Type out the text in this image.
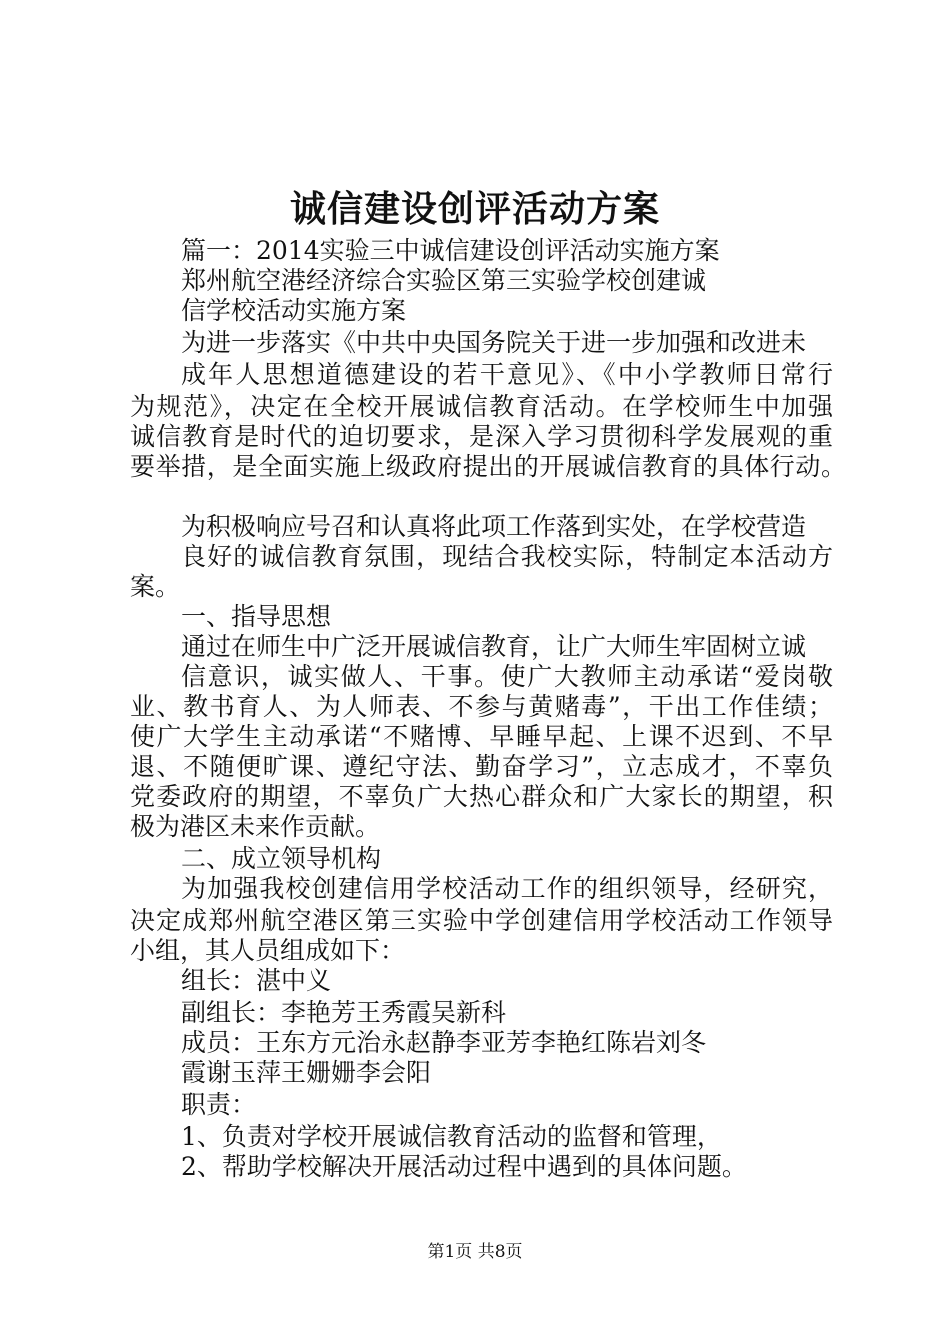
诚信建设创评活动方案
篇一：2014实验三中诚信建设创评活动实施方案
郑州航空港经济综合实验区第三实验学校创建诚
信学校活动实施方案
为进一步落实《中共中央国务院关于进一步加强和改进未
成年人思想道德建设的若干意见》、《中小学教师日常行
为规范》，决定在全校开展诚信教育活动。在学校师生中加强
诚信教育是时代的迫切要求，是深入学习贯彻科学发展观的重
要举措，是全面实施上级政府提出的开展诚信教育的具体行动。
为积极响应号召和认真将此项工作落到实处，在学校营造
良好的诚信教育氛围，现结合我校实际，特制定本活动方
案。
一、指导思想
通过在师生中广泛开展诚信教育，让广大师生牢固树立诚
信意识，诚实做人、干事。使广大教师主动承诺“爱岗敬
业、教书育人、为人师表、不参与黄赌毒”，干出工作佳绩；
使广大学生主动承诺“不赌博、早睡早起、上课不迟到、不早
退、不随便旷课、遵纪守法、勤奋学习”，立志成才，不辜负
党委政府的期望，不辜负广大热心群众和广大家长的期望，积
极为港区未来作贡献。
二、成立领导机构
为加强我校创建信用学校活动工作的组织领导，经研究，
决定成郑州航空港区第三实验中学创建信用学校活动工作领导
小组，其人员组成如下：
组长：湛中义
副组长：李艳芳王秀霞吴新科
成员：王东方元治永赵静李亚芳李艳红陈岩刘冬
霞谢玉萍王姗姗李会阳
职责：
1、负责对学校开展诚信教育活动的监督和管理，
2、帮助学校解决开展活动过程中遇到的具体问题。
第1页 共8页
